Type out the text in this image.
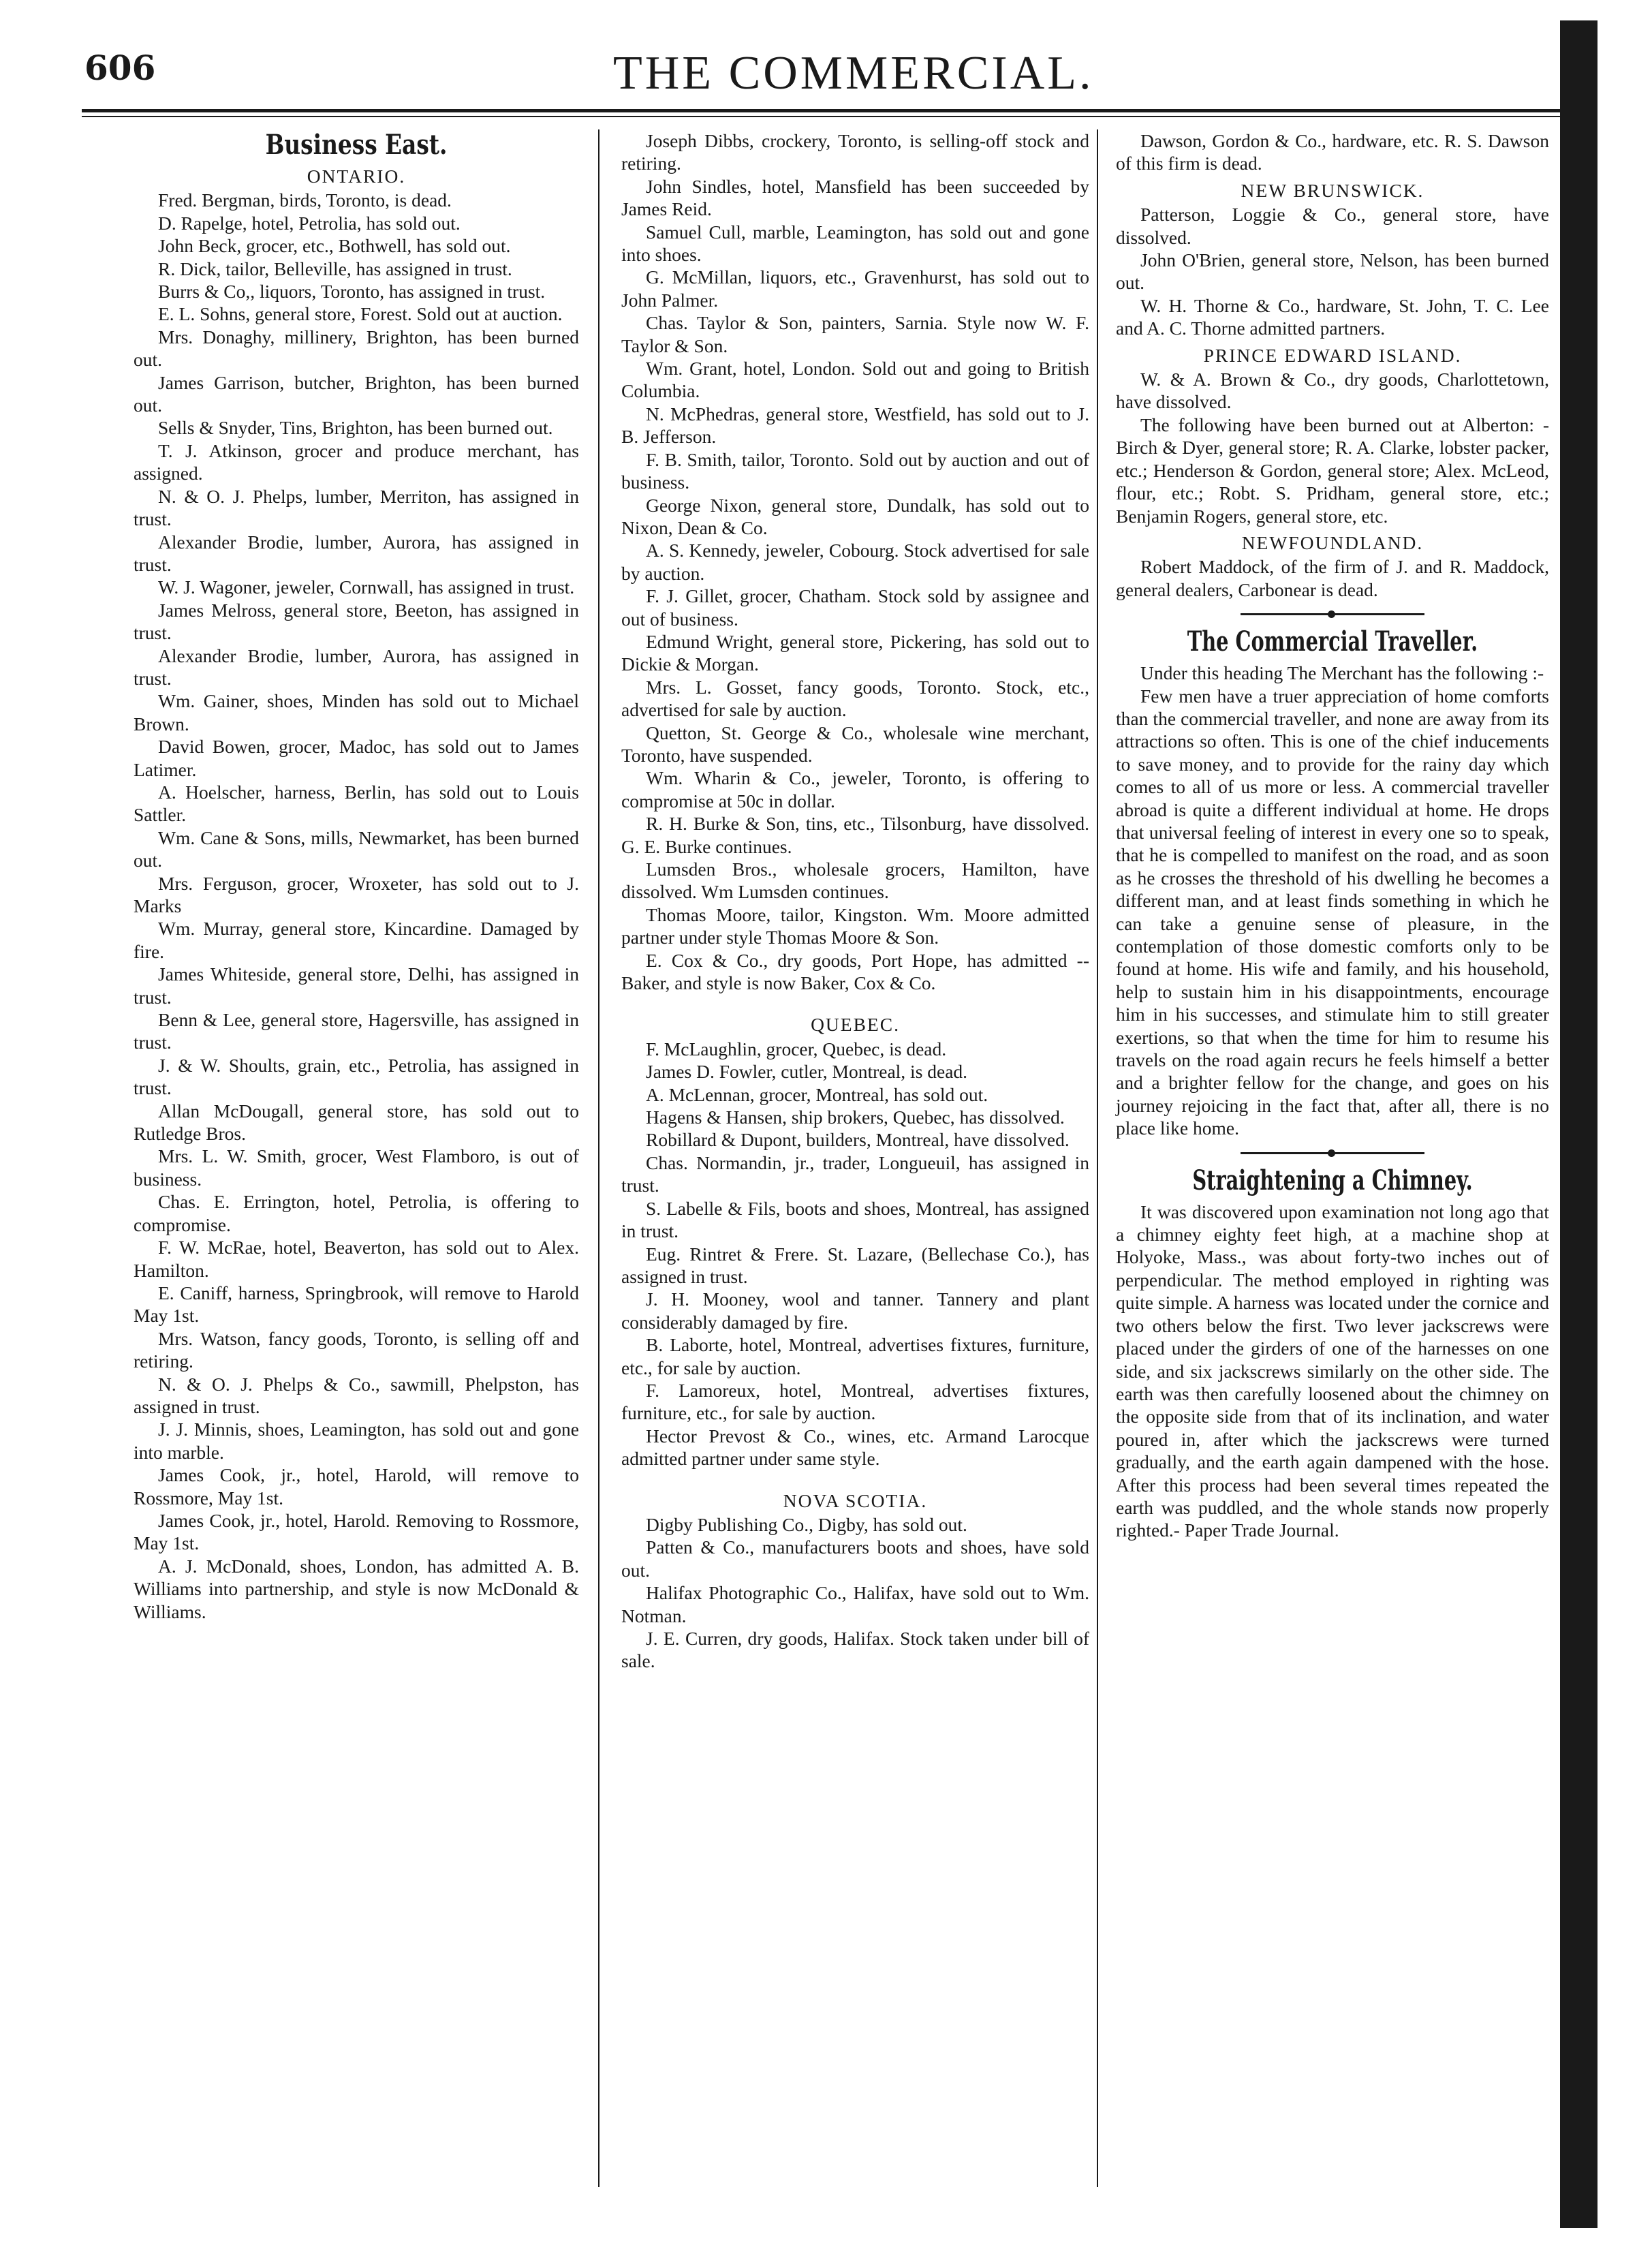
606	THE COMMERCIAL.
Business East.
ONTARIO.

Fred. Bergman, birds, Toronto, is dead.

D. Rapelge, hotel, Petrolia, has sold out.

John Beck, grocer, etc., Bothwell, has sold out.

R. Dick, tailor, Belleville, has assigned in trust.

Burrs & Co,, liquors, Toronto, has assigned in trust.

E. L. Sohns, general store, Forest. Sold out at auction.

Mrs. Donaghy, millinery, Brighton, has been burned out.

James Garrison, butcher, Brighton, has been burned out.

Sells & Snyder, Tins, Brighton, has been burned out.

T. J. Atkinson, grocer and produce merchant, has assigned.

N. & O. J. Phelps, lumber, Merriton, has assigned in trust.

Alexander Brodie, lumber, Aurora, has assigned in trust.

W. J. Wagoner, jeweler, Cornwall, has assigned in trust.

James Melross, general store, Beeton, has assigned in trust.

Alexander Brodie, lumber, Aurora, has assigned in trust.

Wm. Gainer, shoes, Minden has sold out to Michael Brown.

David Bowen, grocer, Madoc, has sold out to James Latimer.

A. Hoelscher, harness, Berlin, has sold out to Louis Sattler.

Wm. Cane & Sons, mills, Newmarket, has been burned out.

Mrs. Ferguson, grocer, Wroxeter, has sold out to J. Marks

Wm. Murray, general store, Kincardine. Damaged by fire.

James Whiteside, general store, Delhi, has assigned in trust.

Benn & Lee, general store, Hagersville, has assigned in trust.

J. & W. Shoults, grain, etc., Petrolia, has assigned in trust.

Allan McDougall, general store, has sold out to Rutledge Bros.

Mrs. L. W. Smith, grocer, West Flamboro, is out of business.

Chas. E. Errington, hotel, Petrolia, is offering to compromise.

F. W. McRae, hotel, Beaverton, has sold out to Alex. Hamilton.

E. Caniff, harness, Springbrook, will remove to Harold May 1st.

Mrs. Watson, fancy goods, Toronto, is selling off and retiring.

N. & O. J. Phelps & Co., sawmill, Phelpston, has assigned in trust.

J. J. Minnis, shoes, Leamington, has sold out and gone into marble.

James Cook, jr., hotel, Harold, will remove to Rossmore, May 1st.

James Cook, jr., hotel, Harold. Removing to Rossmore, May 1st.

A. J. McDonald, shoes, London, has admitted A. B. Williams into partnership, and style is now McDonald & Williams.

Joseph Dibbs, crockery, Toronto, is selling-off stock and retiring.

John Sindles, hotel, Mansfield has been succeeded by James Reid.

Samuel Cull, marble, Leamington, has sold out and gone into shoes.

G. McMillan, liquors, etc., Gravenhurst, has sold out to John Palmer.

Chas. Taylor & Son, painters, Sarnia. Style now W. F. Taylor & Son.

Wm. Grant, hotel, London. Sold out and going to British Columbia.

N. McPhedras, general store, Westfield, has sold out to J. B. Jefferson.

F. B. Smith, tailor, Toronto. Sold out by auction and out of business.

George Nixon, general store, Dundalk, has sold out to Nixon, Dean & Co.

A. S. Kennedy, jeweler, Cobourg. Stock advertised for sale by auction.

F. J. Gillet, grocer, Chatham. Stock sold by assignee and out of business.

Edmund Wright, general store, Pickering, has sold out to Dickie & Morgan.

Mrs. L. Gosset, fancy goods, Toronto. Stock, etc., advertised for sale by auction.

Quetton, St. George & Co., wholesale wine merchant, Toronto, have suspended.

Wm. Wharin & Co., jeweler, Toronto, is offering to compromise at 50c in dollar.

R. H. Burke & Son, tins, etc., Tilsonburg, have dissolved. G. E. Burke continues.

Lumsden Bros., wholesale grocers, Hamilton, have dissolved. Wm Lumsden continues.

Thomas Moore, tailor, Kingston. Wm. Moore admitted partner under style Thomas Moore & Son.

E. Cox & Co., dry goods, Port Hope, has admitted -- Baker, and style is now Baker, Cox & Co.

QUEBEC.

F. McLaughlin, grocer, Quebec, is dead.

James D. Fowler, cutler, Montreal, is dead.

A. McLennan, grocer, Montreal, has sold out.

Hagens & Hansen, ship brokers, Quebec, has dissolved.

Robillard & Dupont, builders, Montreal, have dissolved.

Chas. Normandin, jr., trader, Longueuil, has assigned in trust.

S. Labelle & Fils, boots and shoes, Montreal, has assigned in trust.

Eug. Rintret & Frere. St. Lazare, (Bellechase Co.), has assigned in trust.

J. H. Mooney, wool and tanner. Tannery and plant considerably damaged by fire.

B. Laborte, hotel, Montreal, advertises fixtures, furniture, etc., for sale by auction.

F. Lamoreux, hotel, Montreal, advertises fixtures, furniture, etc., for sale by auction.

Hector Prevost & Co., wines, etc. Armand Larocque admitted partner under same style.

NOVA SCOTIA.

Digby Publishing Co., Digby, has sold out.

Patten & Co., manufacturers boots and shoes, have sold out.

Halifax Photographic Co., Halifax, have sold out to Wm. Notman.

J. E. Curren, dry goods, Halifax. Stock taken under bill of sale.

Dawson, Gordon & Co., hardware, etc. R. S. Dawson of this firm is dead.

NEW BRUNSWICK.

Patterson, Loggie & Co., general store, have dissolved.

John O'Brien, general store, Nelson, has been burned out.

W. H. Thorne & Co., hardware, St. John, T. C. Lee and A. C. Thorne admitted partners.

PRINCE EDWARD ISLAND.

W. & A. Brown & Co., dry goods, Charlottetown, have dissolved.

The following have been burned out at Alberton: -Birch & Dyer, general store; R. A. Clarke, lobster packer, etc.; Henderson & Gordon, general store; Alex. McLeod, flour, etc.; Robt. S. Pridham, general store, etc.; Benjamin Rogers, general store, etc.

NEWFOUNDLAND.

Robert Maddock, of the firm of J. and R. Maddock, general dealers, Carbonear is dead.

The Commercial Traveller.

Under this heading The Merchant has the following :-

Few men have a truer appreciation of home comforts than the commercial traveller, and none are away from its attractions so often. This is one of the chief inducements to save money, and to provide for the rainy day which comes to all of us more or less. A commercial traveller abroad is quite a different individual at home. He drops that universal feeling of interest in every one so to speak, that he is compelled to manifest on the road, and as soon as he crosses the threshold of his dwelling he becomes a different man, and at least finds something in which he can take a genuine sense of pleasure, in the contemplation of those domestic comforts only to be found at home. His wife and family, and his household, help to sustain him in his disappointments, encourage him in his successes, and stimulate him to still greater exertions, so that when the time for him to resume his travels on the road again recurs he feels himself a better and a brighter fellow for the change, and goes on his journey rejoicing in the fact that, after all, there is no place like home.

Straightening a Chimney.

It was discovered upon examination not long ago that a chimney eighty feet high, at a machine shop at Holyoke, Mass., was about forty-two inches out of perpendicular. The method employed in righting was quite simple. A harness was located under the cornice and two others below the first. Two lever jackscrews were placed under the girders of one of the harnesses on one side, and six jackscrews similarly on the other side. The earth was then carefully loosened about the chimney on the opposite side from that of its inclination, and water poured in, after which the jackscrews were turned gradually, and the earth again dampened with the hose. After this process had been several times repeated the earth was puddled, and the whole stands now properly righted.- Paper Trade Journal.
